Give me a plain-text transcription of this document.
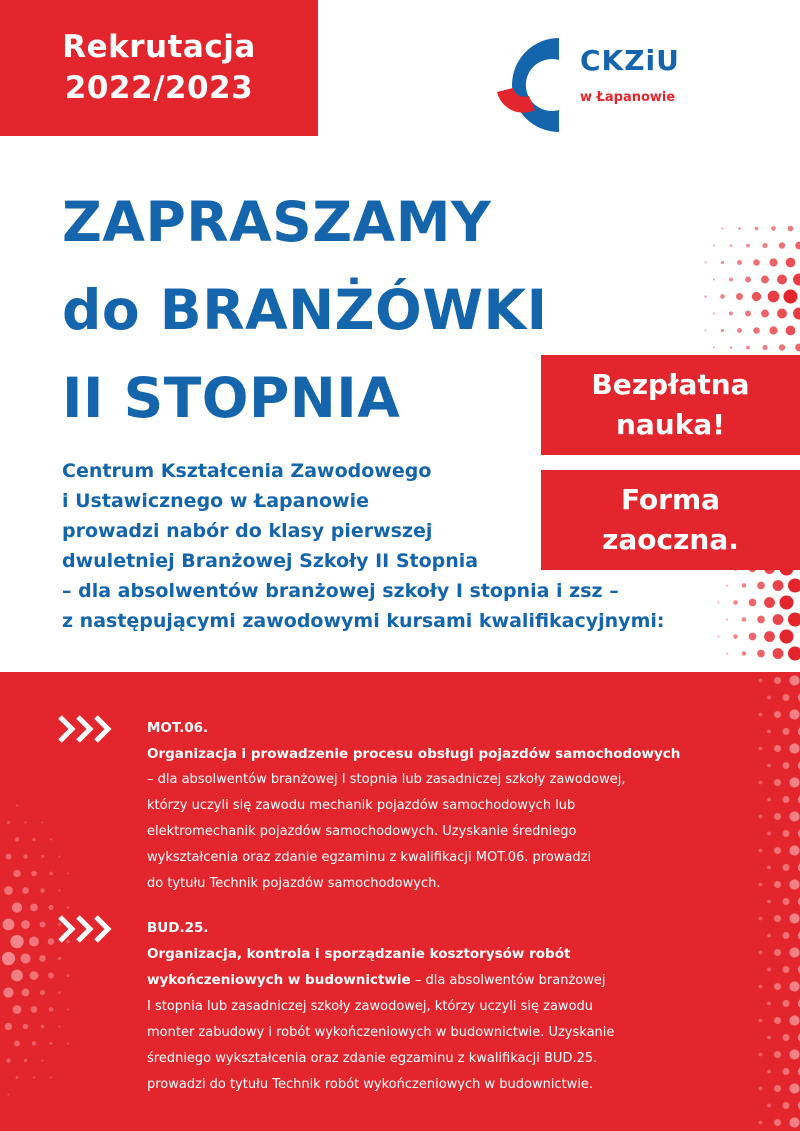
Rekrutacja
2022/2023
CKZiU
w Łapanowie
ZAPRASZAMY
do BRANŻÓWKI
II STOPNIA	Bezpłatna
nauka!
Forma
zaoczna.
Centrum Kształcenia Zawodowego
i Ustawicznego w Łapanowie
prowadzi nabór do klasy pierwszej
dwuletniej Branżowej Szkoły II Stopnia
– dla absolwentów branżowej szkoły I stopnia i zsz –
z następującymi zawodowymi kursami kwalifikacyjnymi:
MOT.06.
Organizacja i prowadzenie procesu obsługi pojazdów samochodowych
– dla absolwentów branżowej I stopnia lub zasadniczej szkoły zawodowej,
którzy uczyli się zawodu mechanik pojazdów samochodowych lub
elektromechanik pojazdów samochodowych. Uzyskanie średniego
wykształcenia oraz zdanie egzaminu z kwalifikacji MOT.06. prowadzi
do tytułu Technik pojazdów samochodowych.
BUD.25.
Organizacja, kontrola i sporządzanie kosztorysów robót
wykończeniowych w budownictwie – dla absolwentów branżowej
I stopnia lub zasadniczej szkoły zawodowej, którzy uczyli się zawodu
monter zabudowy i robót wykończeniowych w budownictwie. Uzyskanie
średniego wykształcenia oraz zdanie egzaminu z kwalifikacji BUD.25.
prowadzi do tytułu Technik robót wykończeniowych w budownictwie.
